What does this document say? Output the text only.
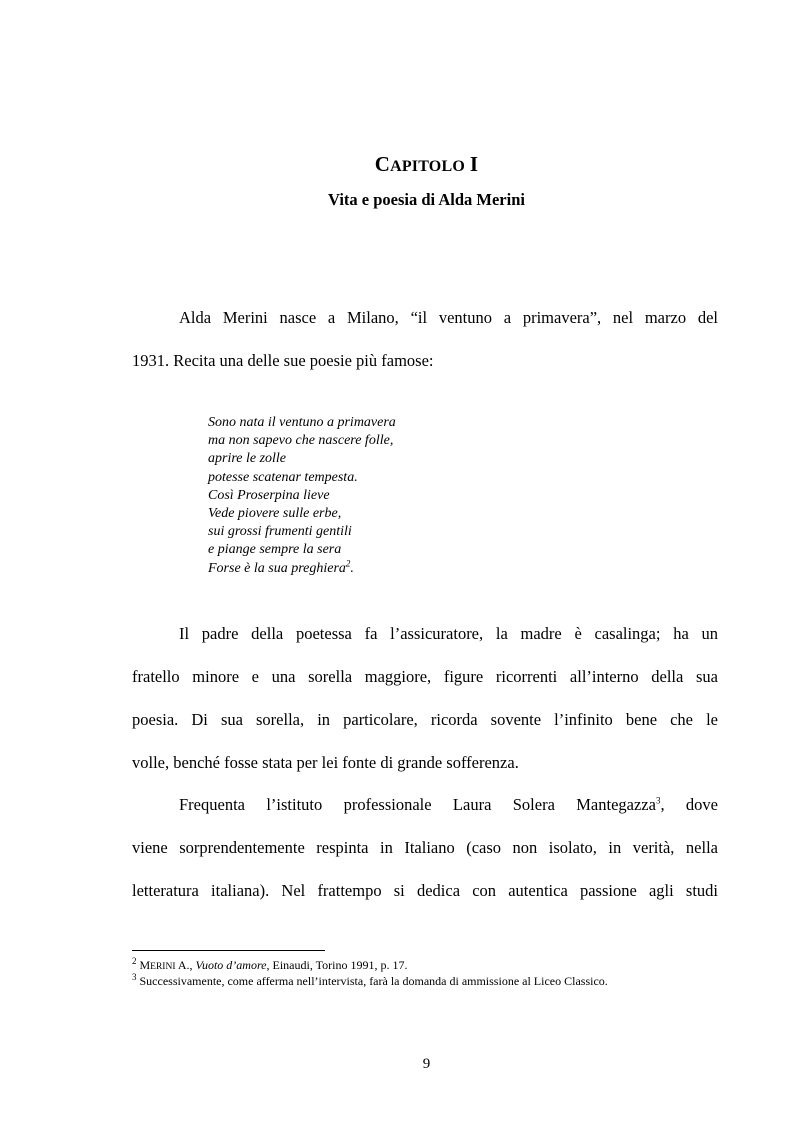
CAPITOLO I
Vita e poesia di Alda Merini
Alda Merini nasce a Milano, “il ventuno a primavera”, nel marzo del
1931. Recita una delle sue poesie più famose:
Sono nata il ventuno a primavera
ma non sapevo che nascere folle,
aprire le zolle
potesse scatenar tempesta.
Così Proserpina lieve
Vede piovere sulle erbe,
sui grossi frumenti gentili
e piange sempre la sera
Forse è la sua preghiera$^2$.
Il padre della poetessa fa l’assicuratore, la madre è casalinga; ha un
fratello minore e una sorella maggiore, figure ricorrenti all’interno della sua
poesia. Di sua sorella, in particolare, ricorda sovente l’infinito bene che le
volle, benché fosse stata per lei fonte di grande sofferenza.
Frequenta l’istituto professionale Laura Solera Mantegazza$^3$, dove
viene sorprendentemente respinta in Italiano (caso non isolato, in verità, nella
letteratura italiana). Nel frattempo si dedica con autentica passione agli studi
$^2$ MERINI A., Vuoto d’amore, Einaudi, Torino 1991, p. 17.
$^3$ Successivamente, come afferma nell’intervista, farà la domanda di ammissione al Liceo Classico.
9
